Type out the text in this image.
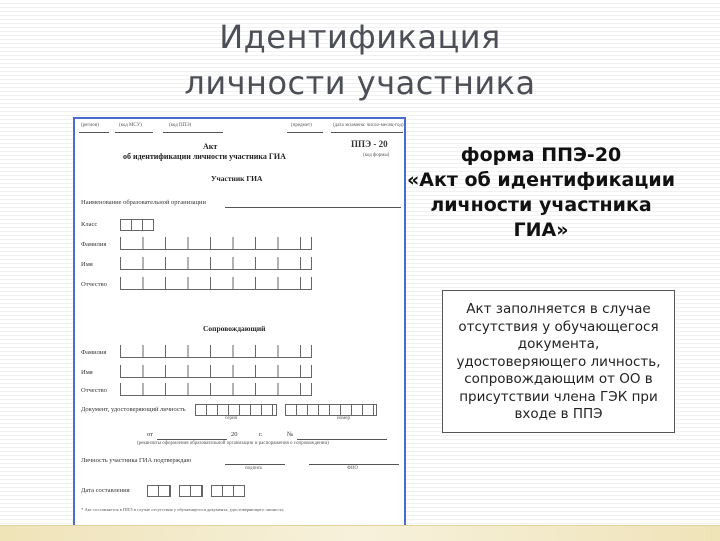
Идентификация
личности участника
(регион)	(код МСУ)	(код ППЭ)	(предмет)	(дата экзамена: число-месяц-год)
ППЭ - 20
(код формы)
Акт
об идентификации личности участника ГИА
Участник ГИА
Наименование образовательной организации
Класс
Фамилия
Имя
Отчество
Сопровождающий
Фамилия
Имя
Отчество
Документ, удостоверяющий личность
серия	номер
от	20	г.	№
(реквизиты оформления образовательной организации и распоряжения о сопровождении)
Личность участника ГИА подтверждаю
подпись	ФИО
Дата составления
* Акт составляется в ППЭ в случае отсутствия у обучающегося документа, удостоверяющего личность
форма ППЭ-20
«Акт об идентификации
личности участника
ГИА»
Акт заполняется в случае отсутствия у обучающегося документа, удостоверяющего личность, сопровождающим от ОО в присутствии члена ГЭК при входе в ППЭ
